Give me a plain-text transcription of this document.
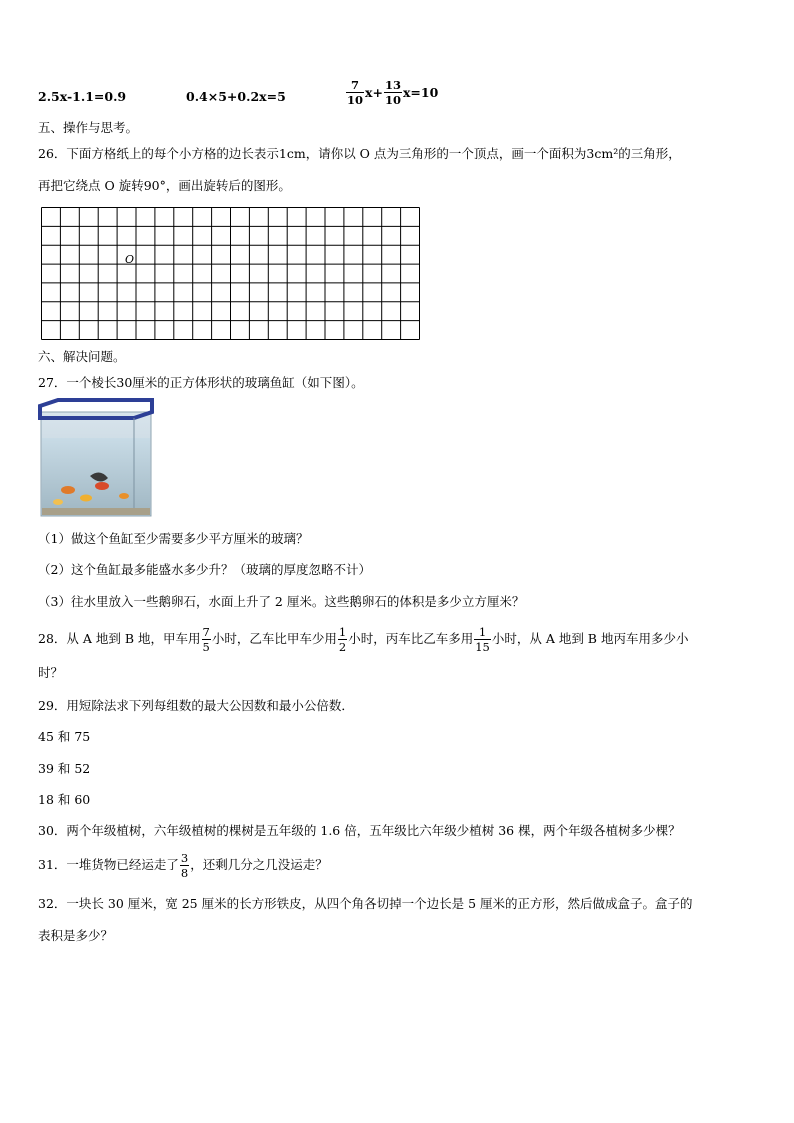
2.5x-1.1=0.9	0.4×5+0.2x=5	$\frac{7}{10} x+ \frac{13}{10} x=10$
五、操作与思考。
26．下面方格纸上的每个小方格的边长表示1cm，请你以 O 点为三角形的一个顶点，画一个面积为3cm²的三角形，
再把它绕点 O 旋转90°，画出旋转后的图形。
O
六、解决问题。
27．一个棱长30厘米的正方体形状的玻璃鱼缸（如下图）。
（1）做这个鱼缸至少需要多少平方厘米的玻璃？
（2）这个鱼缸最多能盛水多少升？（玻璃的厚度忽略不计）
（3）往水里放入一些鹅卵石，水面上升了 2 厘米。这些鹅卵石的体积是多少立方厘米？
28．从 A 地到 B 地，甲车用 $\frac{7}{5}$ 小时，乙车比甲车少用 $\frac{1}{2}$ 小时，丙车比乙车多用 $\frac{1}{15}$ 小时，从 A 地到 B 地丙车用多少小
时？
29．用短除法求下列每组数的最大公因数和最小公倍数．
45 和 75
39 和 52
18 和 60
30．两个年级植树，六年级植树的棵树是五年级的 1.6 倍，五年级比六年级少植树 36 棵，两个年级各植树多少棵？
31．一堆货物已经运走了 $\frac{3}{8}$ ，还剩几分之几没运走？
32．一块长 30 厘米，宽 25 厘米的长方形铁皮，从四个角各切掉一个边长是 5 厘米的正方形，然后做成盒子。盒子的
表积是多少？
